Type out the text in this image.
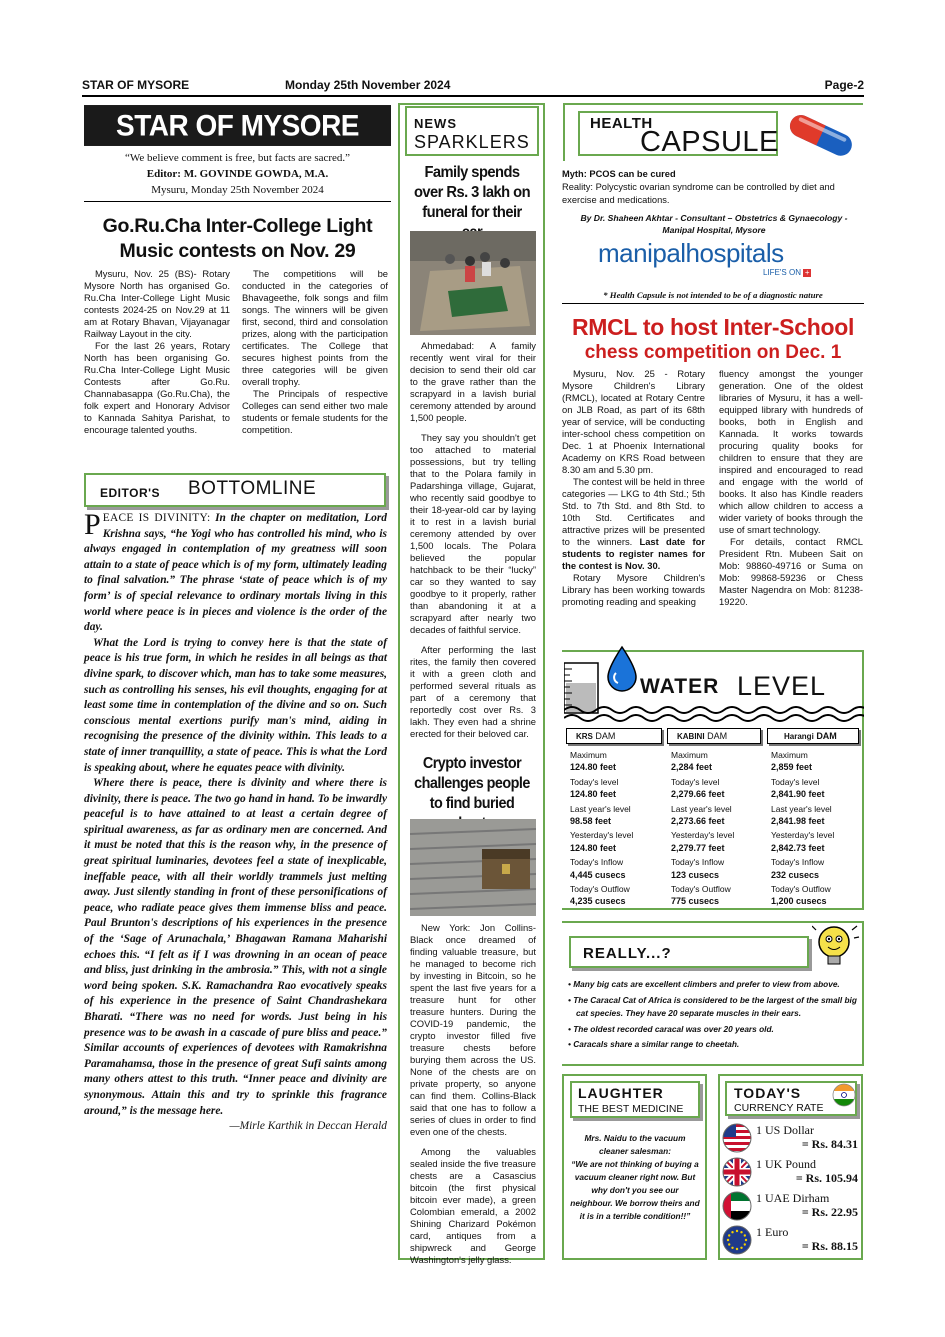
STAR OF MYSORE	Monday 25th November 2024	Page-2
STAR OF MYSORE
“We believe comment is free, but facts are sacred.”
Editor: M. GOVINDE GOWDA, M.A.
Mysuru, Monday 25th November 2024
Go.Ru.Cha Inter-College Light Music contests on Nov. 29

Mysuru, Nov. 25 (BS)- Rotary Mysore North has organised Go. Ru.Cha Inter-College Light Music contests 2024-25 on Nov.29 at 11 am at Rotary Bhavan, Vijayanagar Railway Layout in the city.

For the last 26 years, Rotary North has been organising Go. Ru.Cha Inter-College Light Music Contests after Go.Ru. Channabasappa (Go.Ru.Cha), the folk expert and Honorary Advisor to Kannada Sahitya Parishat, to encourage talented youths.

The competitions will be conducted in the categories of Bhavageethe, folk songs and film songs. The winners will be given first, second, third and consolation prizes, along with the participation certificates. The College that secures highest points from the three categories will be given overall trophy.

The Principals of respective Colleges can send either two male students or female students for the competition.

EDITOR'S BOTTOMLINE

PEACE IS DIVINITY: In the chapter on meditation, Lord Krishna says, “he Yogi who has controlled his mind, who is always engaged in contemplation of my greatness will soon attain to a state of peace which is of my form, ultimately leading to final salvation.” The phrase ‘state of peace which is of my form’ is of special relevance to ordinary mortals living in this world where peace is in pieces and violence is the order of the day.

What the Lord is trying to convey here is that the state of peace is his true form, in which he resides in all beings as that divine spark, to discover which, man has to take some measures, such as controlling his senses, his evil thoughts, engaging for at least some time in contemplation of the divine and so on. Such conscious mental exertions purify man's mind, aiding in recognising the presence of the divinity within. This leads to a state of inner tranquillity, a state of peace. This is what the Lord is speaking about, where he equates peace with divinity.

Where there is peace, there is divinity and where there is divinity, there is peace. The two go hand in hand. To be inwardly peaceful is to have attained to at least a certain degree of spiritual awareness, as far as ordinary men are concerned. And it must be noted that this is the reason why, in the presence of great spiritual luminaries, devotees feel a state of inexplicable, ineffable peace, with all their worldly trammels just melting away. Just silently standing in front of these personifications of peace, who radiate peace gives them immense bliss and peace. Paul Brunton's descriptions of his experiences in the presence of the ‘Sage of Arunachala,’ Bhagawan Ramana Maharishi echoes this. “I felt as if I was drowning in an ocean of peace and bliss, just drinking in the ambrosia.” This, with not a single word being spoken. S.K. Ramachandra Rao evocatively speaks of his experience in the presence of Saint Chandrashekara Bharati. “There was no need for words. Just being in his presence was to be awash in a cascade of pure bliss and peace.” Similar accounts of experiences of devotees with Ramakrishna Paramahamsa, those in the presence of great Sufi saints among many others attest to this truth. “Inner peace and divinity are synonymous. Attain this and try to sprinkle this fragrance around,” is the message here.

—Mirle Karthik in Deccan Herald

NEWS
SPARKLERS
Family spends over Rs. 3 lakh on funeral for their

Ahmedabad: A family recently went viral for their decision to send their old car to the grave rather than the scrapyard in a lavish burial ceremony attended by around 1,500 people.

They say you shouldn't get too attached to material possessions, but try telling that to the Polara family in Padarshinga village, Gujarat, who recently said goodbye to their 18-year-old car by laying it to rest in a lavish burial ceremony attended by over 1,500 locals. The Polara believed the popular hatchback to be their “lucky” car so they wanted to say goodbye to it properly, rather than abandoning it at a scrapyard after nearly two decades of faithful service.

After performing the last rites, the family then covered it with a green cloth and performed several rituals as part of a ceremony that reportedly cost over Rs. 3 lakh. They even had a shrine erected for their beloved car.

Crypto investor challenges people to find buried

New York: Jon Collins-Black once dreamed of finding valuable treasure, but he managed to become rich by investing in Bitcoin, so he spent the last five years for a treasure hunt for other treasure hunters. During the COVID-19 pandemic, the crypto investor filled five treasure chests before burying them across the US. None of the chests are on private property, so anyone can find them. Collins-Black said that one has to follow a series of clues in order to find even one of the chests.

Among the valuables sealed inside the five treasure chests are a Casascius bitcoin (the first physical bitcoin ever made), a green Colombian emerald, a 2002 Shining Charizard Pokémon card, antiques from a shipwreck and George Washington's jelly glass.

HEALTH
CAPSULE
Myth: PCOS can be cured
Reality: Polycystic ovarian syndrome can be controlled by diet and exercise and medications.
By Dr. Shaheen Akhtar - Consultant – Obstetrics & Gynaecology - Manipal Hospital, Mysore
manipalhospitals
LIFE'S ON +
* Health Capsule is not intended to be of a diagnostic nature
RMCL to host Inter-School
chess competition on Dec. 1

Mysuru, Nov. 25 - Rotary Mysore Children's Library (RMCL), located at Rotary Centre on JLB Road, as part of its 68th year of service, will be conducting inter-school chess competition on Dec. 1 at Phoenix International Academy on KRS Road between 8.30 am and 5.30 pm.

The contest will be held in three categories — LKG to 4th Std.; 5th Std. to 7th Std. and 8th Std. to 10th Std. Certificates and attractive prizes will be presented to the winners. Last date for students to register names for the contest is Nov. 30.

Rotary Mysore Children's Library has been working towards promoting reading and speaking

fluency amongst the younger generation. One of the oldest libraries of Mysuru, it has a well-equipped library with hundreds of books, both in English and Kannada. It works towards procuring quality books for children to ensure that they are inspired and encouraged to read and engage with the world of books. It also has Kindle readers which allow children to access a wider variety of books through the use of smart technology.

For details, contact RMCL President Rtn. Mubeen Sait on Mob: 98860-49716 or Suma on Mob: 99868-59236 or Chess Master Nagendra on Mob: 81238-19220.

WATER LEVEL
KRS DAM
Maximum
124.80 feet
Today's level
124.80 feet
Last year's level
98.58 feet
Yesterday's level
124.80 feet
Today's Inflow
4,445 cusecs
Today's Outflow
4,235 cusecs
KABINI DAM
Maximum
2,284 feet
Today's level
2,279.66 feet
Last year's level
2,273.66 feet
Yesterday's level
2,279.77 feet
Today's Inflow
123 cusecs
Today's Outflow
775 cusecs
Harangi DAM
Maximum
2,859 feet
Today's level
2,841.90 feet
Last year's level
2,841.98 feet
Yesterday's level
2,842.73 feet
Today's Inflow
232 cusecs
Today's Outflow
1,200 cusecs
REALLY...?
• Many big cats are excellent climbers and prefer to view from above.
• The Caracal Cat of Africa is considered to be the largest of the small big cat species. They have 20 separate muscles in their ears.
• The oldest recorded caracal was over 20 years old.
• Caracals share a similar range to cheetah.
LAUGHTER
THE BEST MEDICINE
Mrs. Naidu to the vacuum cleaner salesman:
“We are not thinking of buying a vacuum cleaner right now. But why don't you see our neighbour. We borrow theirs and it is in a terrible condition!!”
TODAY'S
CURRENCY RATE
1 US Dollar
= Rs. 84.31
1 UK Pound
= Rs. 105.94
1 UAE Dirham
= Rs. 22.95
1 Euro
= Rs. 88.15
